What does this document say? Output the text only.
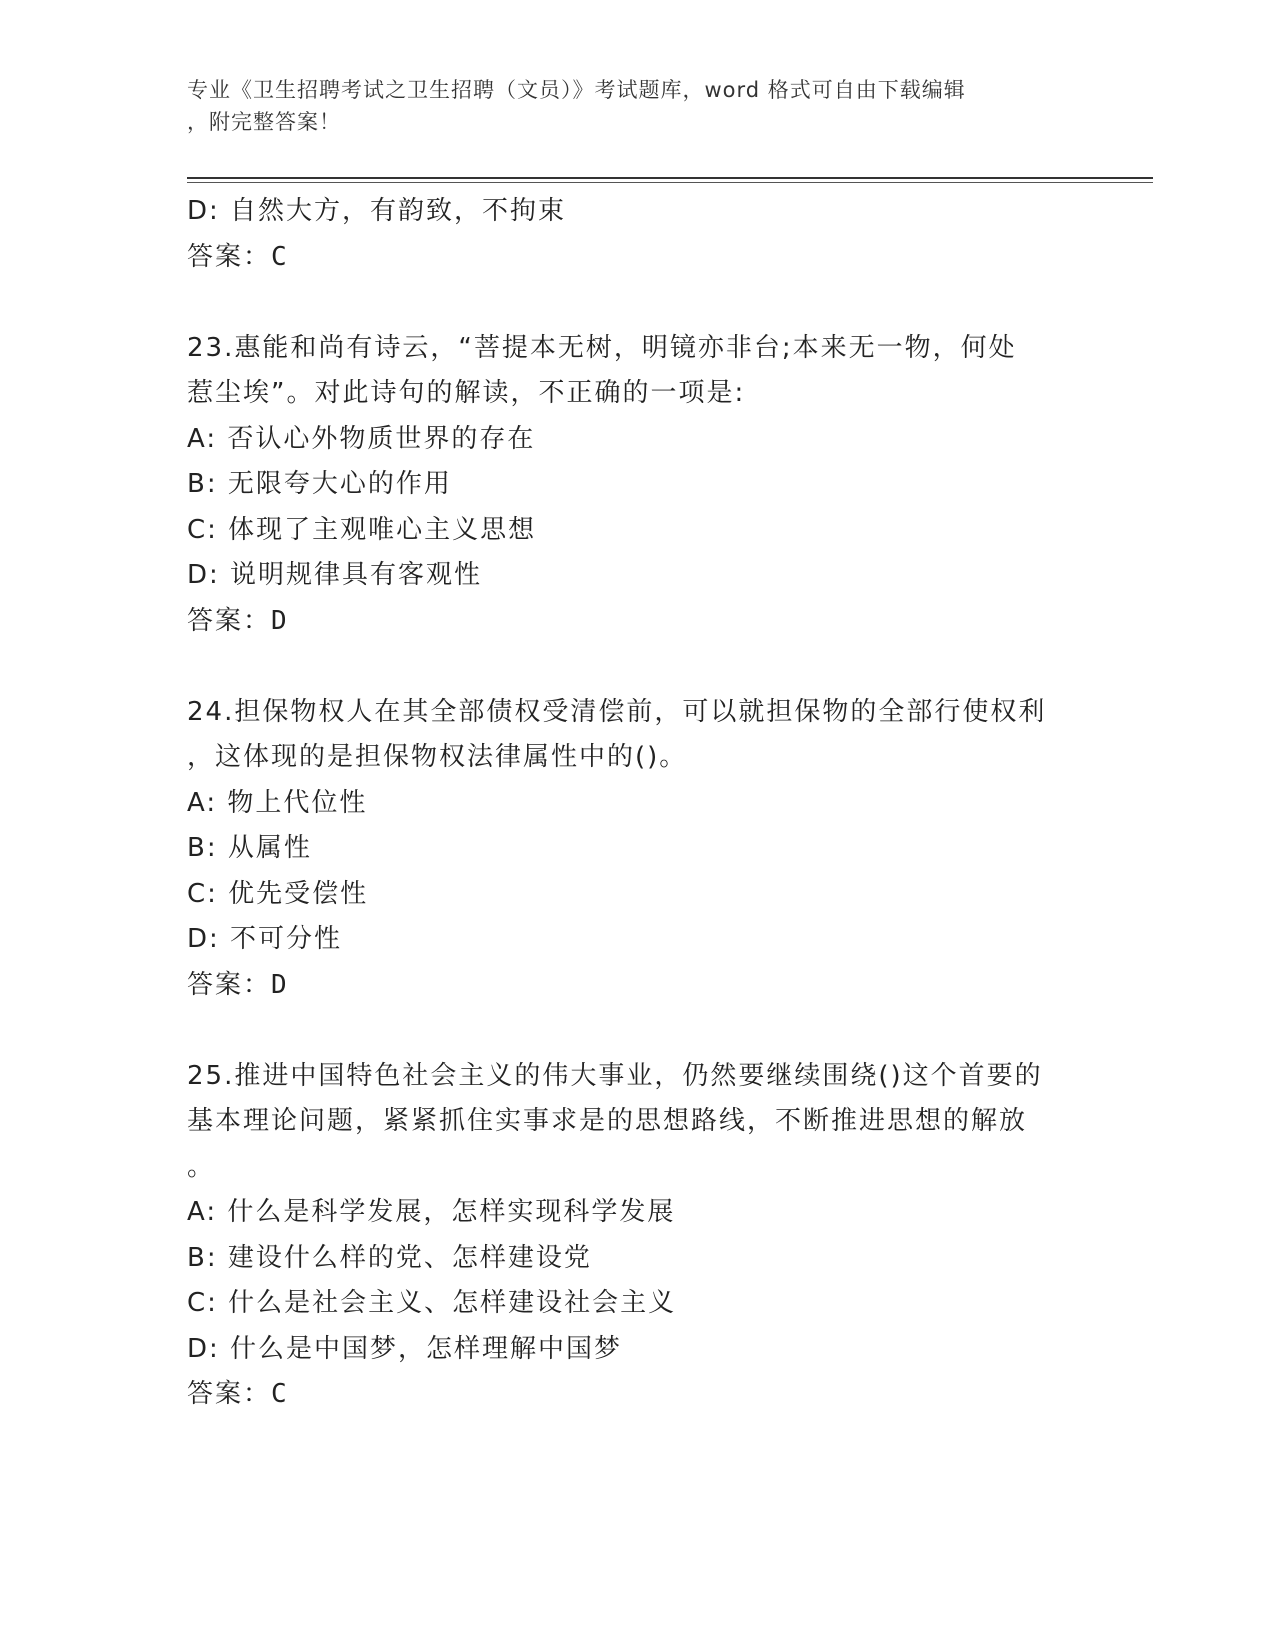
专业《卫生招聘考试之卫生招聘（文员）》考试题库，word 格式可自由下载编辑
，附完整答案！
D: 自然大方，有韵致，不拘束
答案：C
23.惠能和尚有诗云，“菩提本无树，明镜亦非台;本来无一物，何处
惹尘埃”。对此诗句的解读，不正确的一项是:
A: 否认心外物质世界的存在
B: 无限夸大心的作用
C: 体现了主观唯心主义思想
D: 说明规律具有客观性
答案：D
24.担保物权人在其全部债权受清偿前，可以就担保物的全部行使权利
，这体现的是担保物权法律属性中的()。
A: 物上代位性
B: 从属性
C: 优先受偿性
D: 不可分性
答案：D
25.推进中国特色社会主义的伟大事业，仍然要继续围绕()这个首要的
基本理论问题，紧紧抓住实事求是的思想路线，不断推进思想的解放
。
A: 什么是科学发展，怎样实现科学发展
B: 建设什么样的党、怎样建设党
C: 什么是社会主义、怎样建设社会主义
D: 什么是中国梦，怎样理解中国梦
答案：C
